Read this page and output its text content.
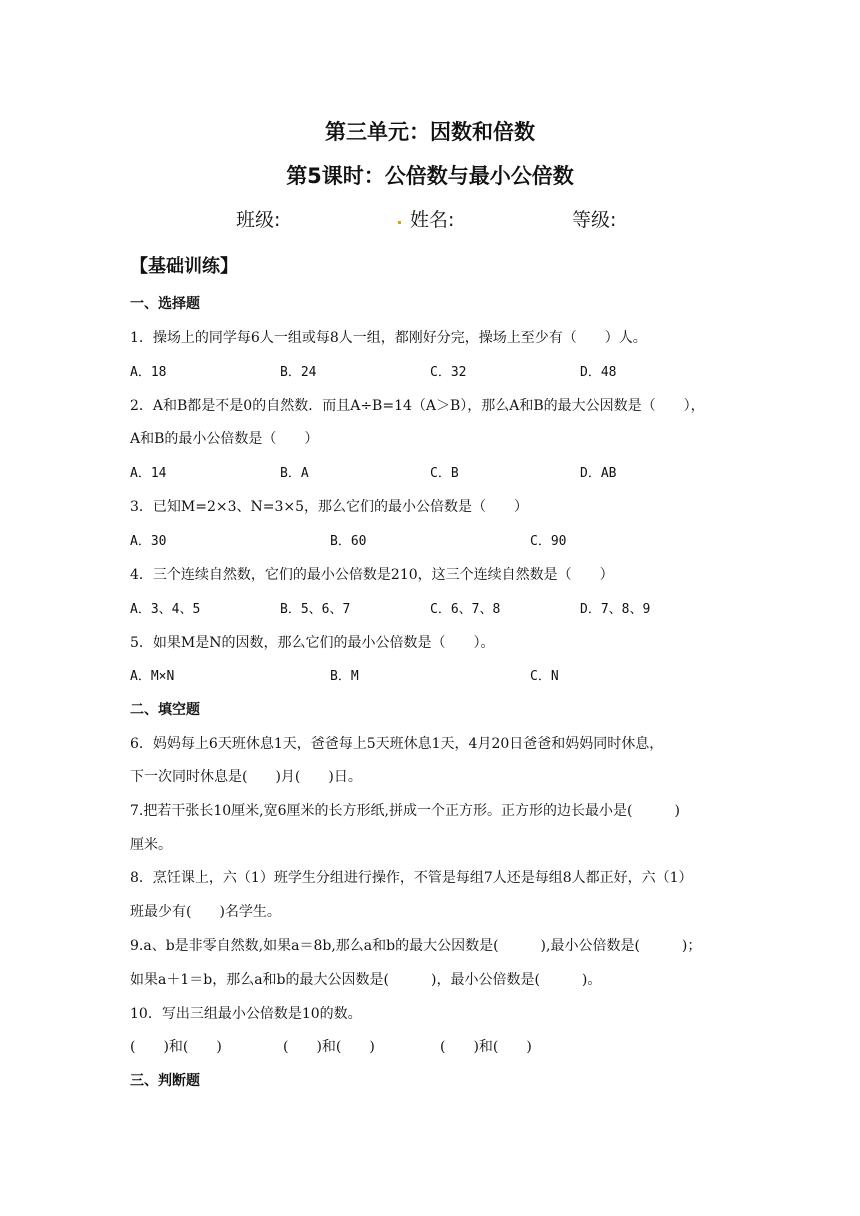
第三单元：因数和倍数
第5课时：公倍数与最小公倍数
班级:	姓名:	等级:
【基础训练】
一、选择题
1．操场上的同学每6人一组或每8人一组，都刚好分完，操场上至少有（　　）人。
A．18	B．24	C．32	D．48
2．A和B都是不是0的自然数．而且A÷B=14（A＞B），那么A和B的最大公因数是（　　），
A和B的最小公倍数是（　　）
A．14	B．A	C．B	D．AB
3．已知M=2×3、N=3×5，那么它们的最小公倍数是（　　）
A．30	B．60	C．90
4．三个连续自然数，它们的最小公倍数是210，这三个连续自然数是（　　）
A．3、4、5	B．5、6、7	C．6、7、8	D．7、8、9
5．如果M是N的因数，那么它们的最小公倍数是（　　）。
A．M×N	B．M	C．N
二、填空题
6．妈妈每上6天班休息1天，爸爸每上5天班休息1天，4月20日爸爸和妈妈同时休息，
下一次同时休息是(　　)月(　　)日。
7.把若干张长10厘米,宽6厘米的长方形纸,拼成一个正方形。正方形的边长最小是(　　　)
厘米。
8．烹饪课上，六（1）班学生分组进行操作，不管是每组7人还是每组8人都正好，六（1）
班最少有(　　)名学生。
9.a、b是非零自然数,如果a＝8b,那么a和b的最大公因数是(　　　),最小公倍数是(　　　)；
如果a＋1＝b，那么a和b的最大公因数是(　　　)，最小公倍数是(　　　)。
10．写出三组最小公倍数是10的数。
(　　)和(　　)	(　　)和(　　)	(　　)和(　　)
三、判断题
